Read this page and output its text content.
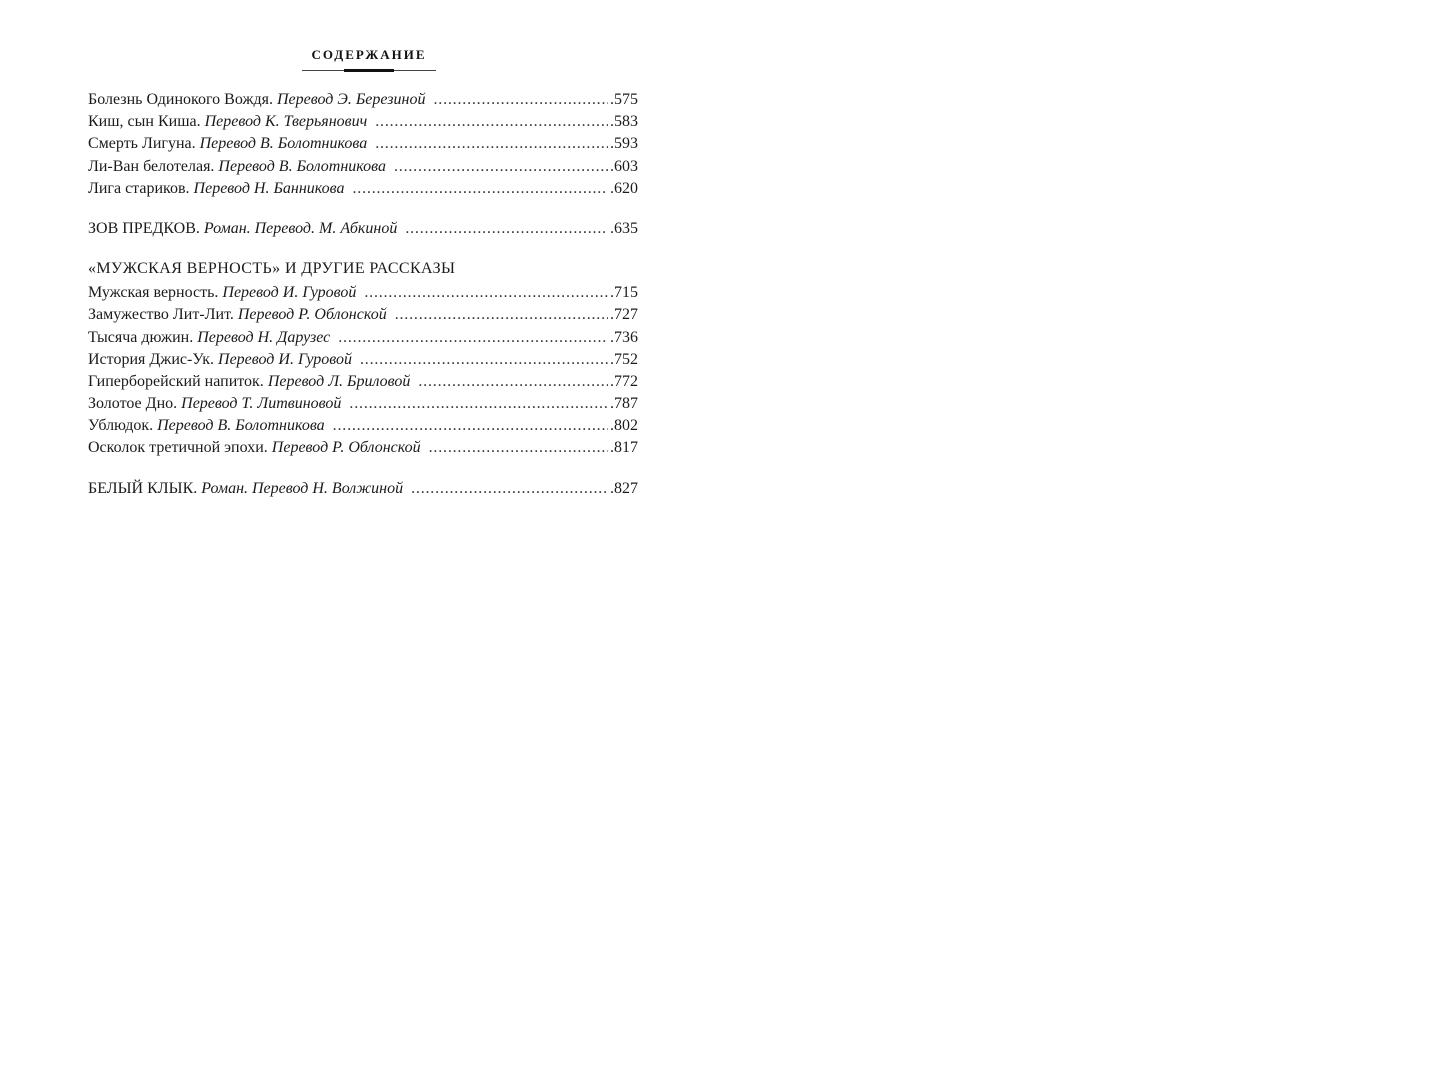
СОДЕРЖАНИЕ
Болезнь Одинокого Вождя. Перевод Э. Березиной . . .	.575
Киш, сын Киша. Перевод К. Тверьянович . . .	.583
Смерть Лигуна. Перевод В. Болотникова . . .	.593
Ли-Ван белотелая. Перевод В. Болотникова . . .	.603
Лига стариков. Перевод Н. Банникова . . .	.620
ЗОВ ПРЕДКОВ. Роман. Перевод. М. Абкиной . . .	.635
«МУЖСКАЯ ВЕРНОСТЬ» И ДРУГИЕ РАССКАЗЫ
Мужская верность. Перевод И. Гуровой . . .	.715
Замужество Лит-Лит. Перевод Р. Облонской . . .	.727
Тысяча дюжин. Перевод Н. Дарузес . . .	.736
История Джис-Ук. Перевод И. Гуровой . . .	.752
Гиперборейский напиток. Перевод Л. Бриловой . . .	.772
Золотое Дно. Перевод Т. Литвиновой . . .	.787
Ублюдок. Перевод В. Болотникова . . .	.802
Осколок третичной эпохи. Перевод Р. Облонской . . .	.817
БЕЛЫЙ КЛЫК. Роман. Перевод Н. Волжиной . . .	.827
